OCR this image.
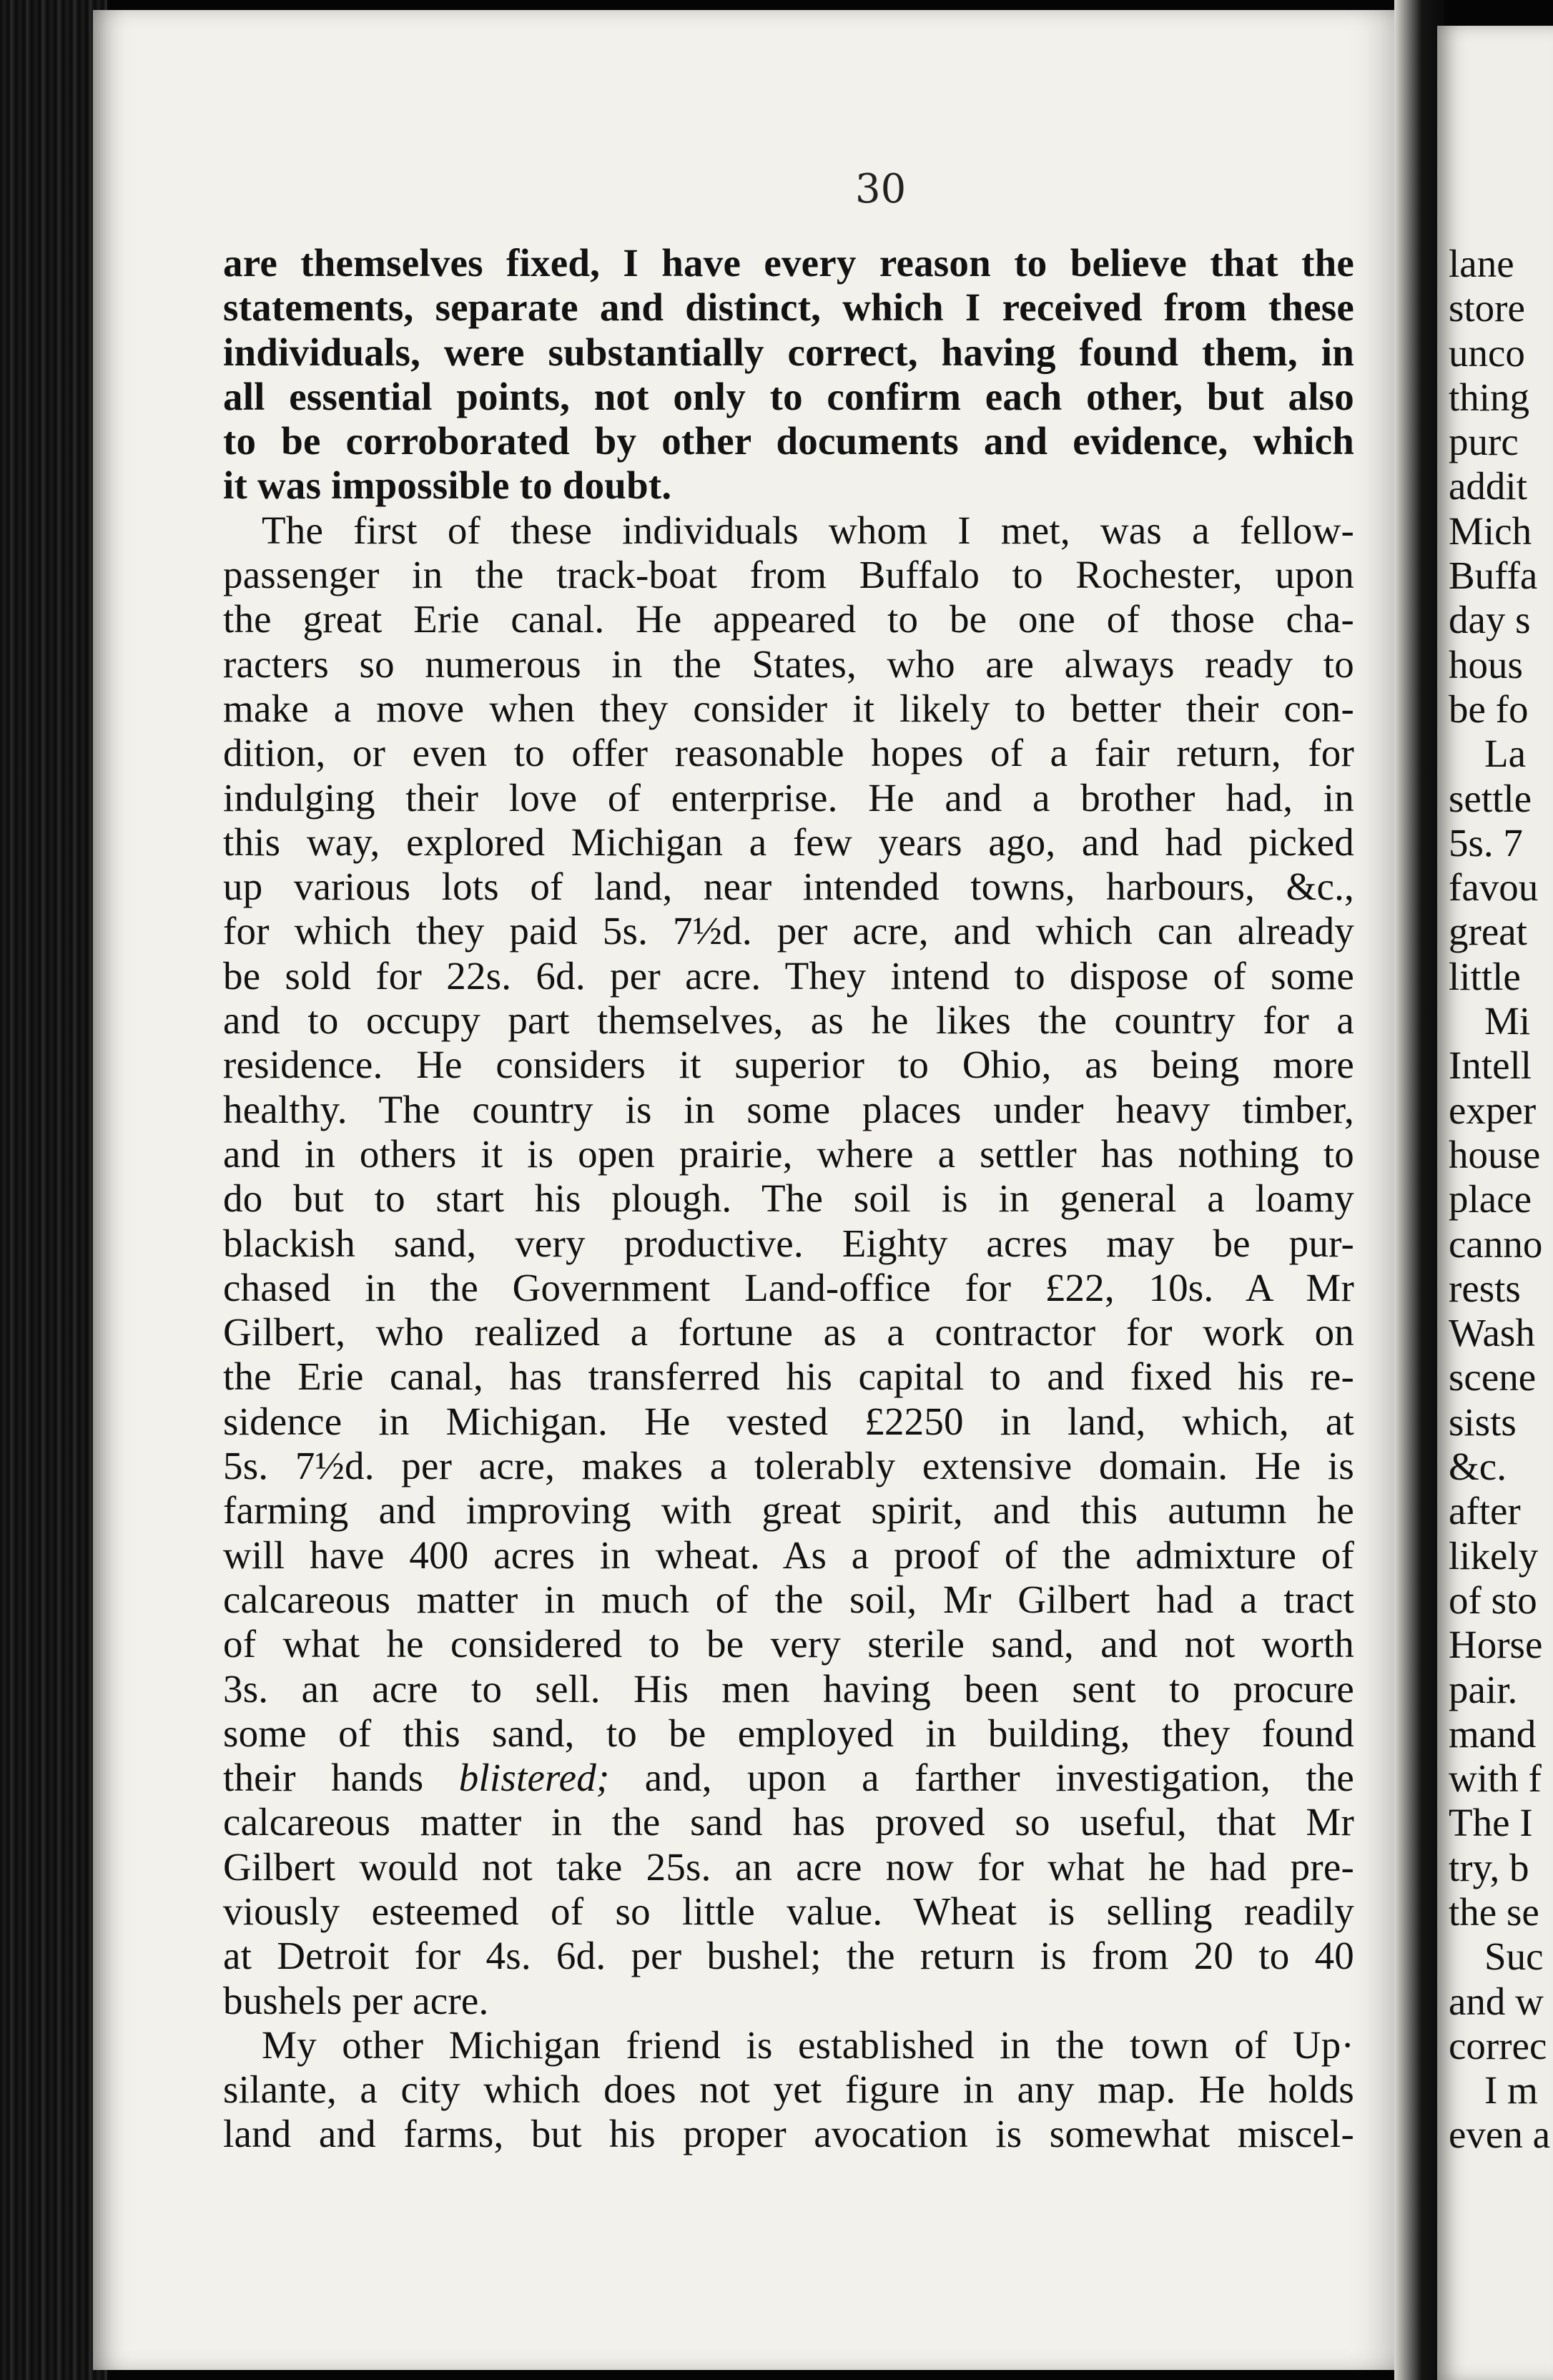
30
are themselves fixed, I have every reason to believe that the
statements, separate and distinct, which I received from these
individuals, were substantially correct, having found them, in
all essential points, not only to confirm each other, but also
to be corroborated by other documents and evidence, which
it was impossible to doubt.
The first of these individuals whom I met, was a fellow-
passenger in the track-boat from Buffalo to Rochester, upon
the great Erie canal. He appeared to be one of those cha-
racters so numerous in the States, who are always ready to
make a move when they consider it likely to better their con-
dition, or even to offer reasonable hopes of a fair return, for
indulging their love of enterprise. He and a brother had, in
this way, explored Michigan a few years ago, and had picked
up various lots of land, near intended towns, harbours, &c.,
for which they paid 5s. 7½d. per acre, and which can already
be sold for 22s. 6d. per acre. They intend to dispose of some
and to occupy part themselves, as he likes the country for a
residence. He considers it superior to Ohio, as being more
healthy. The country is in some places under heavy timber,
and in others it is open prairie, where a settler has nothing to
do but to start his plough. The soil is in general a loamy
blackish sand, very productive. Eighty acres may be pur-
chased in the Government Land-office for £22, 10s. A Mr
Gilbert, who realized a fortune as a contractor for work on
the Erie canal, has transferred his capital to and fixed his re-
sidence in Michigan. He vested £2250 in land, which, at
5s. 7½d. per acre, makes a tolerably extensive domain. He is
farming and improving with great spirit, and this autumn he
will have 400 acres in wheat. As a proof of the admixture of
calcareous matter in much of the soil, Mr Gilbert had a tract
of what he considered to be very sterile sand, and not worth
3s. an acre to sell. His men having been sent to procure
some of this sand, to be employed in building, they found
their hands blistered; and, upon a farther investigation, the
calcareous matter in the sand has proved so useful, that Mr
Gilbert would not take 25s. an acre now for what he had pre-
viously esteemed of so little value. Wheat is selling readily
at Detroit for 4s. 6d. per bushel; the return is from 20 to 40
bushels per acre.
My other Michigan friend is established in the town of Up·
silante, a city which does not yet figure in any map. He holds
land and farms, but his proper avocation is somewhat miscel-
lane
store
unco
thing
purc
addit
Mich
Buffa
day s
hous
be fo
La
settle
5s. 7
favou
great
little
Mi
Intell
exper
house
place
canno
rests
Wash
scene
sists
&c.
after
likely
of sto
Horse
pair.
mand
with f
The I
try, b
the se
Suc
and w
correc
I m
even a
